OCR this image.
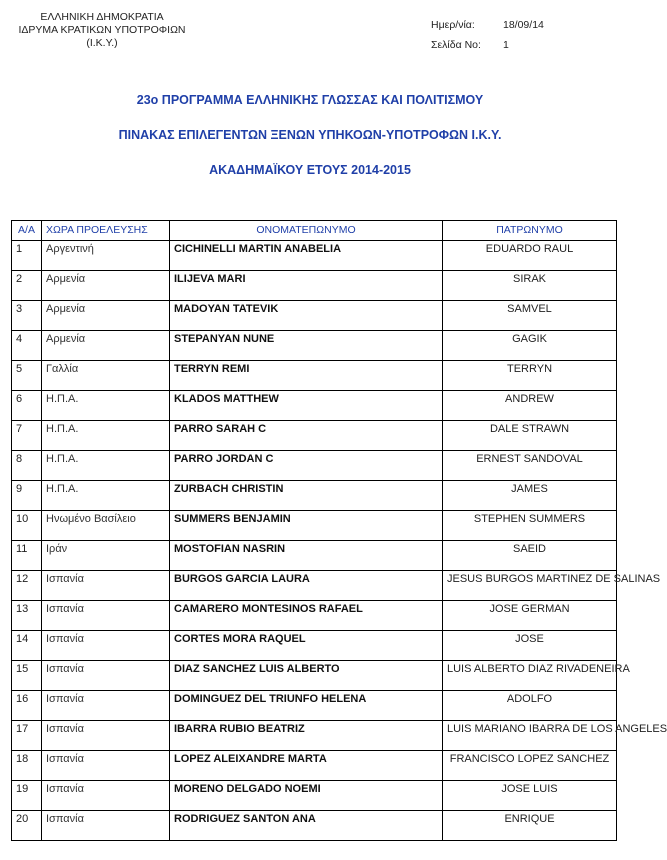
ΕΛΛΗΝΙΚΗ ΔΗΜΟΚΡΑΤΙΑ
ΙΔΡΥΜΑ ΚΡΑΤΙΚΩΝ ΥΠΟΤΡΟΦΙΩΝ
(Ι.Κ.Υ.)
Ημερ/νία:	18/09/14
Σελίδα Νο:	1
23ο ΠΡΟΓΡΑΜΜΑ ΕΛΛΗΝΙΚΗΣ ΓΛΩΣΣΑΣ ΚΑΙ ΠΟΛΙΤΙΣΜΟΥ
ΠΙΝΑΚΑΣ ΕΠΙΛΕΓΕΝΤΩΝ ΞΕΝΩΝ ΥΠΗΚΟΩΝ-ΥΠΟΤΡΟΦΩΝ Ι.Κ.Υ.
ΑΚΑΔΗΜΑΪΚΟΥ ΕΤΟΥΣ 2014-2015
Α/Α	ΧΩΡΑ ΠΡΟΕΛΕΥΣΗΣ	ΟΝΟΜΑΤΕΠΩΝΥΜΟ	ΠΑΤΡΩΝΥΜΟ
1	Αργεντινή	CICHINELLI MARTIN ANABELIA	EDUARDO RAUL
2	Αρμενία	ILIJEVA MARI	SIRAK
3	Αρμενία	MADOYAN TATEVIK	SAMVEL
4	Αρμενία	STEPANYAN NUNE	GAGIK
5	Γαλλία	TERRYN REMI	TERRYN
6	Η.Π.Α.	KLADOS MATTHEW	ANDREW
7	Η.Π.Α.	PARRO SARAH C	DALE STRAWN
8	Η.Π.Α.	PARRO JORDAN C	ERNEST SANDOVAL
9	Η.Π.Α.	ZURBACH CHRISTIN	JAMES
10	Ηνωμένο Βασίλειο	SUMMERS BENJAMIN	STEPHEN SUMMERS
11	Ιράν	MOSTOFIAN NASRIN	SAEID
12	Ισπανία	BURGOS GARCIA LAURA	JESUS BURGOS MARTINEZ DE SALINAS
13	Ισπανία	CAMARERO MONTESINOS RAFAEL	JOSE GERMAN
14	Ισπανία	CORTES MORA RAQUEL	JOSE
15	Ισπανία	DIAZ SANCHEZ LUIS ALBERTO	LUIS ALBERTO DIAZ RIVADENEIRA
16	Ισπανία	DOMINGUEZ DEL TRIUNFO HELENA	ADOLFO
17	Ισπανία	IBARRA RUBIO BEATRIZ	LUIS MARIANO IBARRA DE LOS ANGELES
18	Ισπανία	LOPEZ ALEIXANDRE MARTA	FRANCISCO LOPEZ SANCHEZ
19	Ισπανία	MORENO DELGADO NOEMI	JOSE LUIS
20	Ισπανία	RODRIGUEZ SANTON ANA	ENRIQUE
